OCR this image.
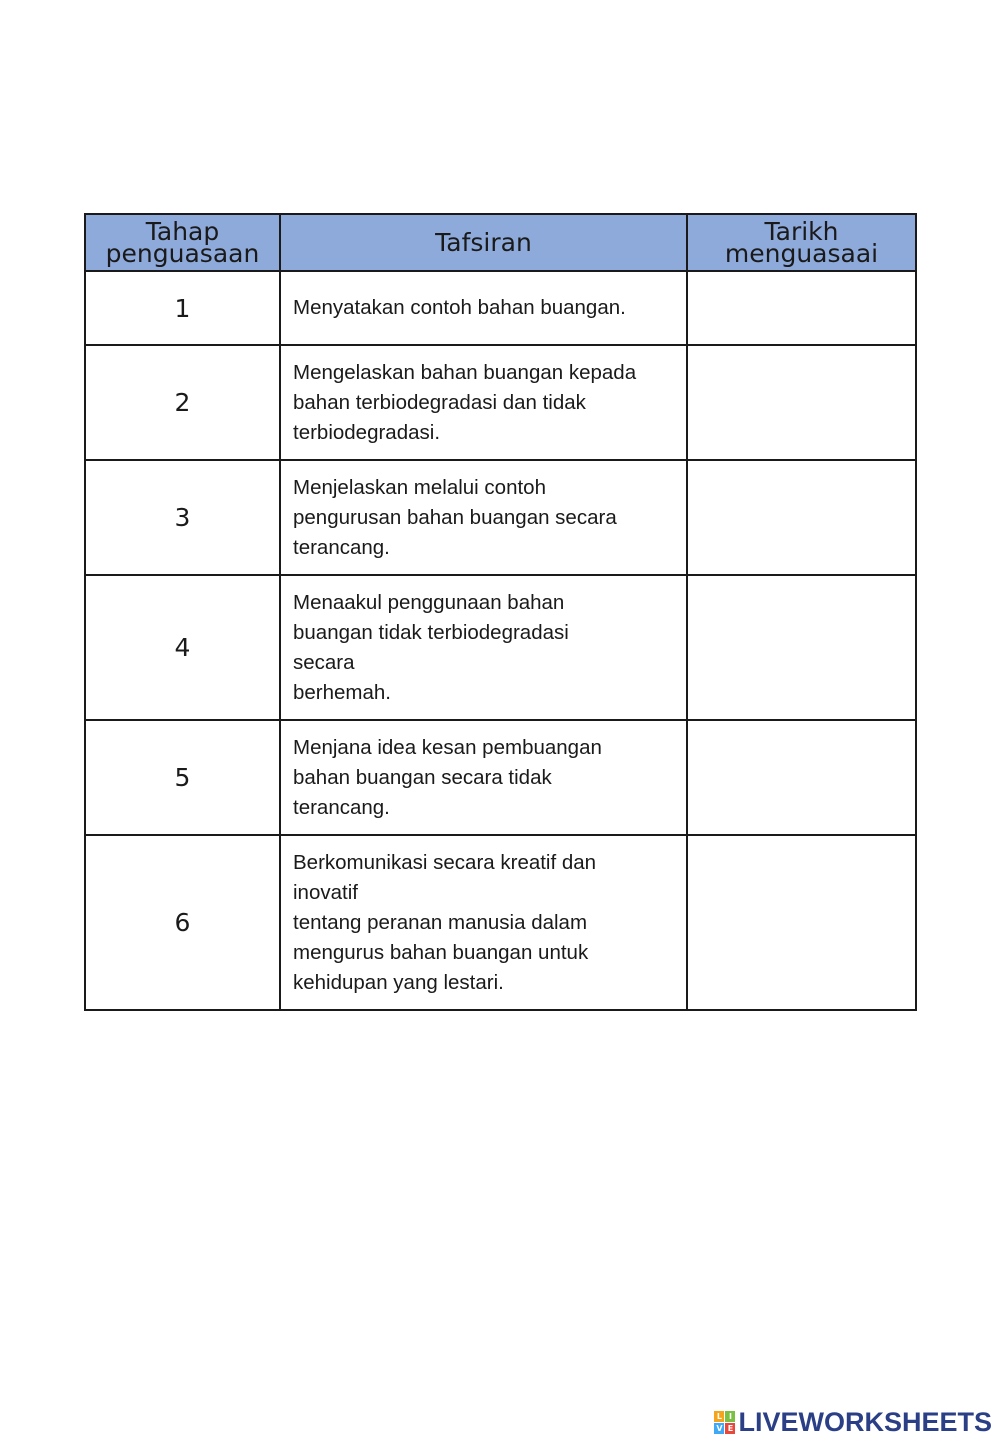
Tahap
penguasaan	Tafsiran	Tarikh
menguasaai

1	Menyatakan contoh bahan buangan.	

2	Mengelaskan bahan buangan kepada
bahan terbiodegradasi dan tidak
terbiodegradasi.	

3	Menjelaskan melalui contoh
pengurusan bahan buangan secara
terancang.	

4	Menaakul penggunaan bahan
buangan tidak terbiodegradasi
secara
berhemah.	

5	Menjana idea kesan pembuangan
bahan buangan secara tidak
terancang.	

6	Berkomunikasi secara kreatif dan
inovatif
tentang peranan manusia dalam
mengurus bahan buangan untuk
kehidupan yang lestari.	

L I
V E LIVEWORKSHEETS
